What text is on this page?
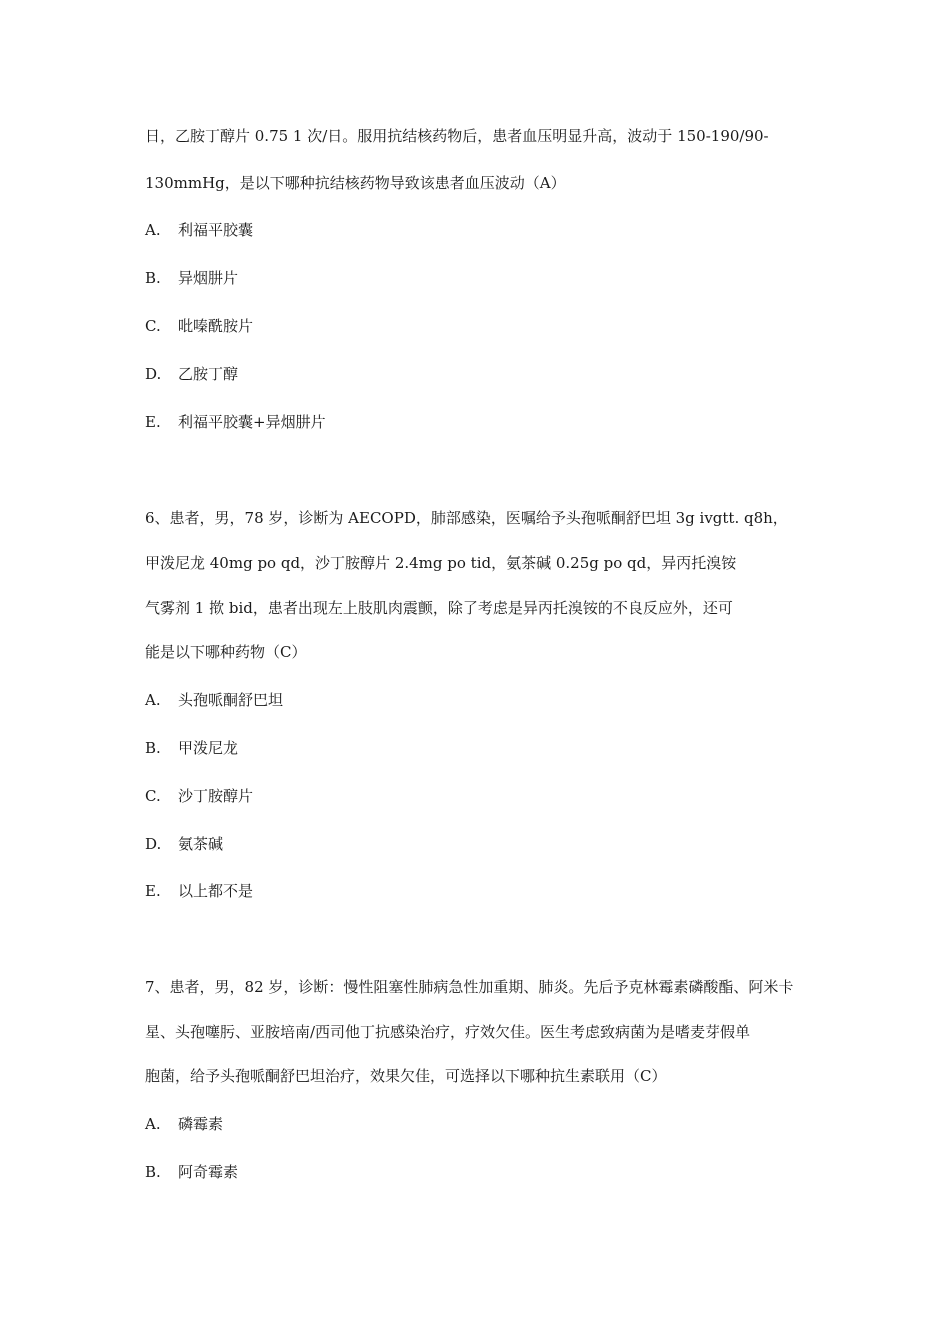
日，乙胺丁醇片 0.75 1 次/日。服用抗结核药物后，患者血压明显升高，波动于 150-190/90-
130mmHg，是以下哪种抗结核药物导致该患者血压波动（A）
A. 利福平胶囊
B. 异烟肼片
C. 吡嗪酰胺片
D. 乙胺丁醇
E. 利福平胶囊+异烟肼片
6、患者，男，78 岁，诊断为 AECOPD，肺部感染，医嘱给予头孢哌酮舒巴坦 3g ivgtt. q8h，
甲泼尼龙 40mg po qd，沙丁胺醇片 2.4mg po tid，氨茶碱 0.25g po qd，异丙托溴铵
气雾剂 1 揿 bid，患者出现左上肢肌肉震颤，除了考虑是异丙托溴铵的不良反应外，还可
能是以下哪种药物（C）
A. 头孢哌酮舒巴坦
B. 甲泼尼龙
C. 沙丁胺醇片
D. 氨茶碱
E. 以上都不是
7、患者，男，82 岁，诊断：慢性阻塞性肺病急性加重期、肺炎。先后予克林霉素磷酸酯、阿米卡
星、头孢噻肟、亚胺培南/西司他丁抗感染治疗，疗效欠佳。医生考虑致病菌为是嗜麦芽假单
胞菌，给予头孢哌酮舒巴坦治疗，效果欠佳，可选择以下哪种抗生素联用（C）
A. 磷霉素
B. 阿奇霉素
